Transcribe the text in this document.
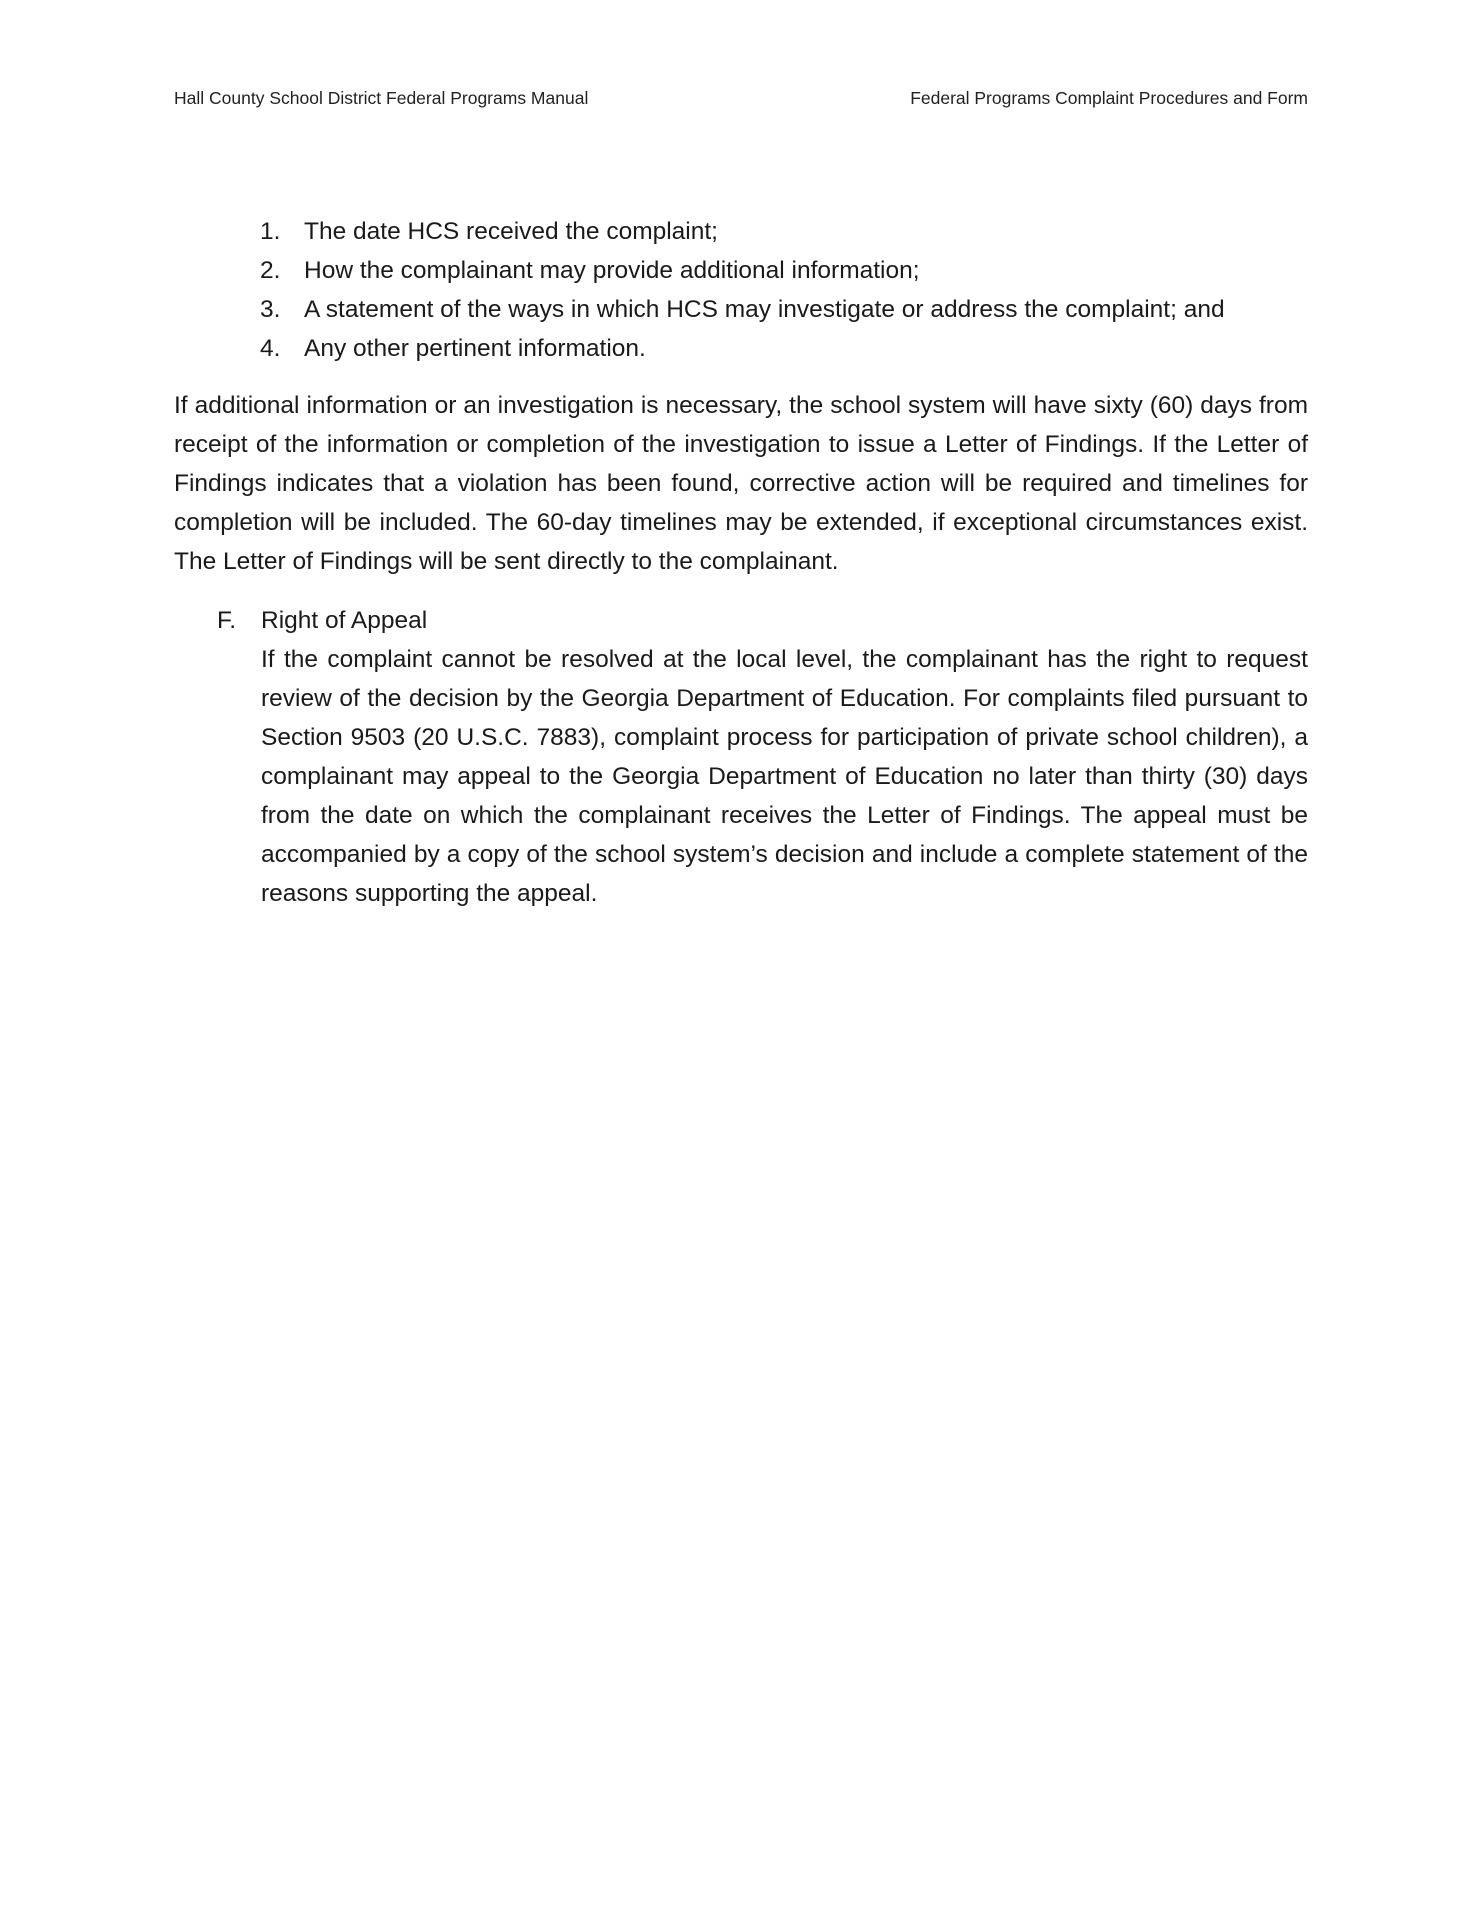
Hall County School District Federal Programs Manual	Federal Programs Complaint Procedures and Form
1. The date HCS received the complaint;
2. How the complainant may provide additional information;
3. A statement of the ways in which HCS may investigate or address the complaint; and
4. Any other pertinent information.

If additional information or an investigation is necessary, the school system will have sixty (60) days from receipt of the information or completion of the investigation to issue a Letter of Findings. If the Letter of Findings indicates that a violation has been found, corrective action will be required and timelines for completion will be included. The 60-day timelines may be extended, if exceptional circumstances exist. The Letter of Findings will be sent directly to the complainant.

F.	Right of Appeal
If the complaint cannot be resolved at the local level, the complainant has the right to request review of the decision by the Georgia Department of Education. For complaints filed pursuant to Section 9503 (20 U.S.C. 7883), complaint process for participation of private school children), a complainant may appeal to the Georgia Department of Education no later than thirty (30) days from the date on which the complainant receives the Letter of Findings. The appeal must be accompanied by a copy of the school system’s decision and include a complete statement of the reasons supporting the appeal.
